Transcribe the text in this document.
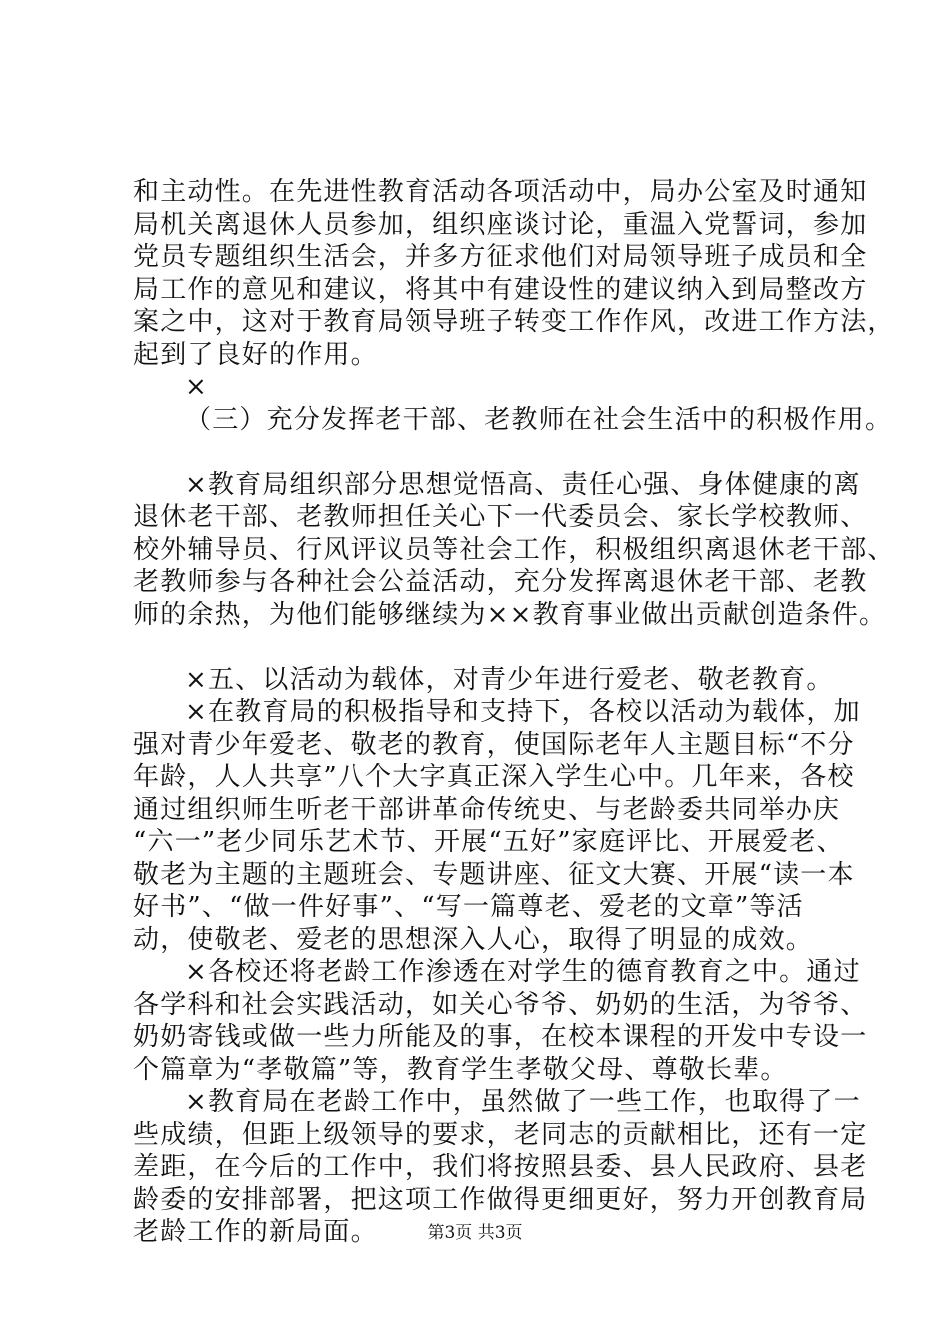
和主动性。在先进性教育活动各项活动中，局办公室及时通知
局机关离退休人员参加，组织座谈讨论，重温入党誓词，参加
党员专题组织生活会，并多方征求他们对局领导班子成员和全
局工作的意见和建议，将其中有建设性的建议纳入到局整改方
案之中，这对于教育局领导班子转变工作作风，改进工作方法，
起到了良好的作用。
×
（三）充分发挥老干部、老教师在社会生活中的积极作用。
×教育局组织部分思想觉悟高、责任心强、身体健康的离
退休老干部、老教师担任关心下一代委员会、家长学校教师、
校外辅导员、行风评议员等社会工作，积极组织离退休老干部、
老教师参与各种社会公益活动，充分发挥离退休老干部、老教
师的余热，为他们能够继续为××教育事业做出贡献创造条件。
×五、以活动为载体，对青少年进行爱老、敬老教育。
×在教育局的积极指导和支持下，各校以活动为载体，加
强对青少年爱老、敬老的教育，使国际老年人主题目标“不分
年龄，人人共享”八个大字真正深入学生心中。几年来，各校
通过组织师生听老干部讲革命传统史、与老龄委共同举办庆
“六一”老少同乐艺术节、开展“五好”家庭评比、开展爱老、
敬老为主题的主题班会、专题讲座、征文大赛、开展“读一本
好书”、“做一件好事”、“写一篇尊老、爱老的文章”等活
动，使敬老、爱老的思想深入人心，取得了明显的成效。
×各校还将老龄工作渗透在对学生的德育教育之中。通过
各学科和社会实践活动，如关心爷爷、奶奶的生活，为爷爷、
奶奶寄钱或做一些力所能及的事，在校本课程的开发中专设一
个篇章为“孝敬篇”等，教育学生孝敬父母、尊敬长辈。
×教育局在老龄工作中，虽然做了一些工作，也取得了一
些成绩，但距上级领导的要求，老同志的贡献相比，还有一定
差距，在今后的工作中，我们将按照县委、县人民政府、县老
龄委的安排部署，把这项工作做得更细更好，努力开创教育局
老龄工作的新局面。	第3页 共3页
